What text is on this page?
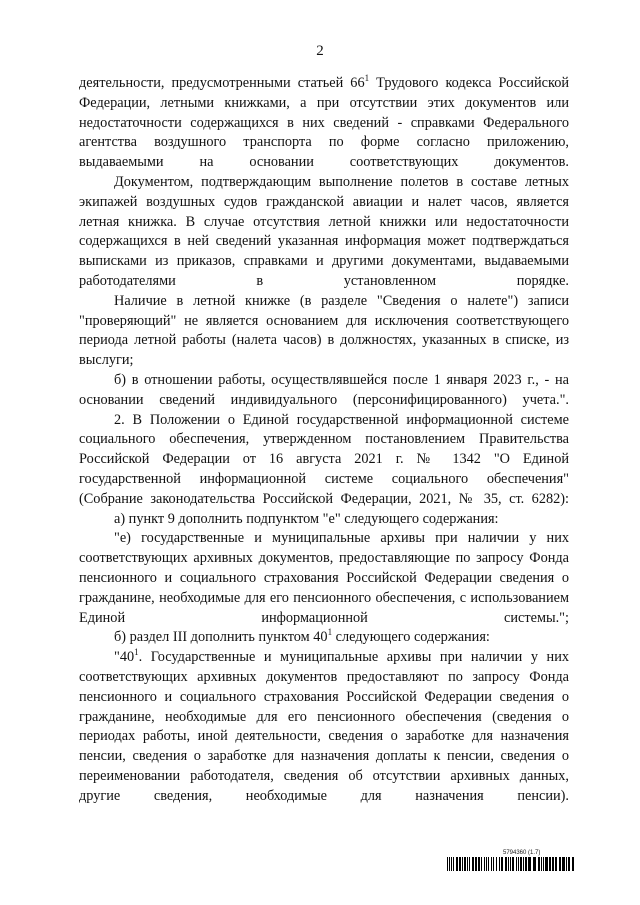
2

деятельности, предусмотренными статьей $66^1$ Трудового кодекса Российской Федерации, летными книжками, а при отсутствии этих документов или недостаточности содержащихся в них сведений - справками Федерального агентства воздушного транспорта по форме согласно приложению, выдаваемыми на основании соответствующих документов.

Документом, подтверждающим выполнение полетов в составе летных экипажей воздушных судов гражданской авиации и налет часов, является летная книжка. В случае отсутствия летной книжки или недостаточности содержащихся в ней сведений указанная информация может подтверждаться выписками из приказов, справками и другими документами, выдаваемыми работодателями в установленном порядке.

Наличие в летной книжке (в разделе "Сведения о налете") записи "проверяющий" не является основанием для исключения соответствующего периода летной работы (налета часов) в должностях, указанных в списке, из выслуги;

б) в отношении работы, осуществлявшейся после 1 января 2023 г., - на основании сведений индивидуального (персонифицированного) учета.".

2. В Положении о Единой государственной информационной системе социального обеспечения, утвержденном постановлением Правительства Российской Федерации от 16 августа 2021 г. № 1342 "О Единой государственной информационной системе социального обеспечения" (Собрание законодательства Российской Федерации, 2021, № 35, ст. 6282):

а) пункт 9 дополнить подпунктом "е" следующего содержания:

"е) государственные и муниципальные архивы при наличии у них соответствующих архивных документов, предоставляющие по запросу Фонда пенсионного и социального страхования Российской Федерации сведения о гражданине, необходимые для его пенсионного обеспечения, с использованием Единой информационной системы.";

б) раздел III дополнить пунктом $40^1$ следующего содержания:

"$40^1$. Государственные и муниципальные архивы при наличии у них соответствующих архивных документов предоставляют по запросу Фонда пенсионного и социального страхования Российской Федерации сведения о гражданине, необходимые для его пенсионного обеспечения (сведения о периодах работы, иной деятельности, сведения о заработке для назначения пенсии, сведения о заработке для назначения доплаты к пенсии, сведения о переименовании работодателя, сведения об отсутствии архивных данных, другие сведения, необходимые для назначения пенсии).

5794360 (1.7)
